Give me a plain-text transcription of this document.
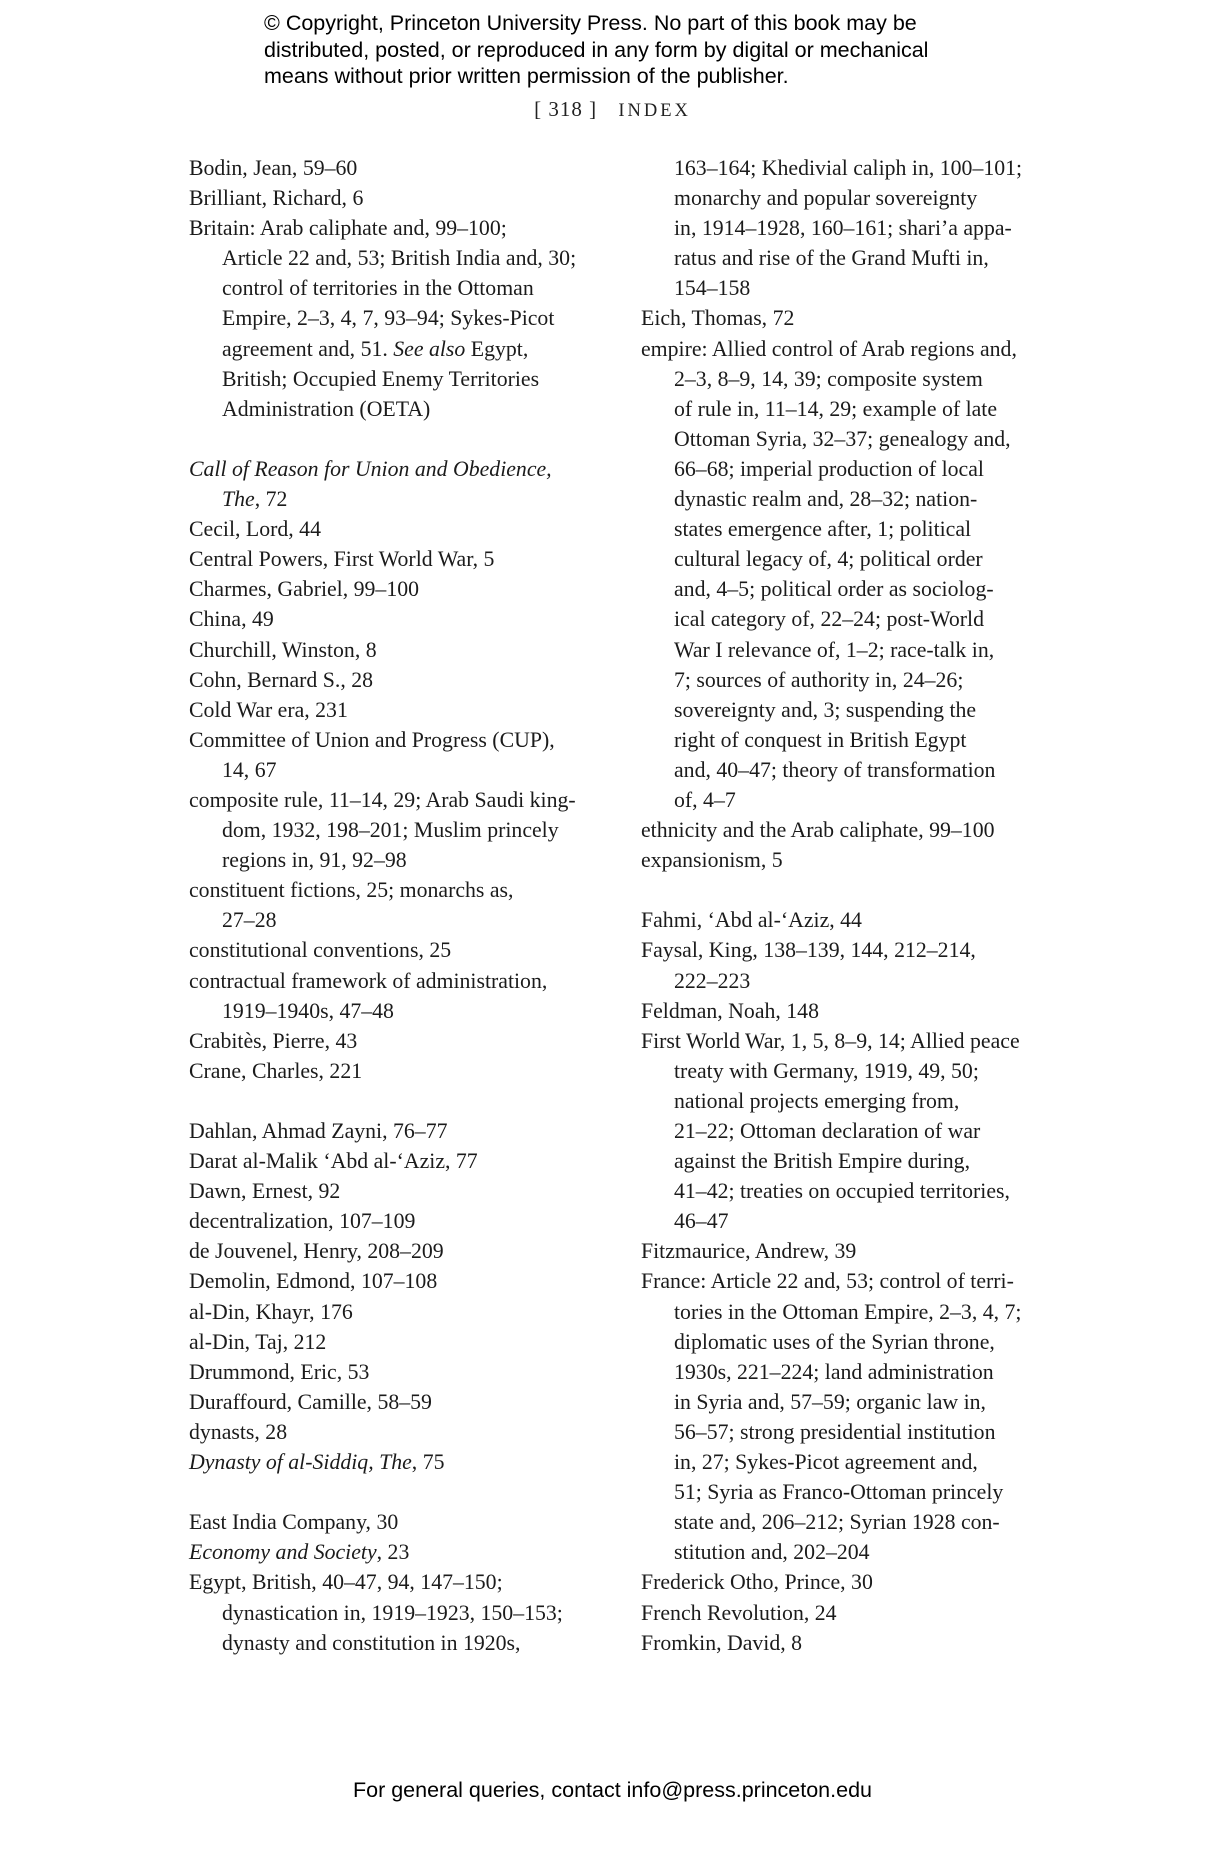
© Copyright, Princeton University Press. No part of this book may be
distributed, posted, or reproduced in any form by digital or mechanical
means without prior written permission of the publisher.
[ 318 ] INDEX
Bodin, Jean, 59–60
Brilliant, Richard, 6
Britain: Arab caliphate and, 99–100;
Article 22 and, 53; British India and, 30;
control of territories in the Ottoman
Empire, 2–3, 4, 7, 93–94; Sykes-Picot
agreement and, 51. See also Egypt,
British; Occupied Enemy Territories
Administration (OETA)
Call of Reason for Union and Obedience,
The, 72
Cecil, Lord, 44
Central Powers, First World War, 5
Charmes, Gabriel, 99–100
China, 49
Churchill, Winston, 8
Cohn, Bernard S., 28
Cold War era, 231
Committee of Union and Progress (CUP),
14, 67
composite rule, 11–14, 29; Arab Saudi king-
dom, 1932, 198–201; Muslim princely
regions in, 91, 92–98
constituent fictions, 25; monarchs as,
27–28
constitutional conventions, 25
contractual framework of administration,
1919–1940s, 47–48
Crabitès, Pierre, 43
Crane, Charles, 221
Dahlan, Ahmad Zayni, 76–77
Darat al-Malik ‘Abd al-‘Aziz, 77
Dawn, Ernest, 92
decentralization, 107–109
de Jouvenel, Henry, 208–209
Demolin, Edmond, 107–108
al-Din, Khayr, 176
al-Din, Taj, 212
Drummond, Eric, 53
Duraffourd, Camille, 58–59
dynasts, 28
Dynasty of al-Siddiq, The, 75
East India Company, 30
Economy and Society, 23
Egypt, British, 40–47, 94, 147–150;
dynastication in, 1919–1923, 150–153;
dynasty and constitution in 1920s,
163–164; Khedivial caliph in, 100–101;
monarchy and popular sovereignty
in, 1914–1928, 160–161; shari’a appa-
ratus and rise of the Grand Mufti in,
154–158
Eich, Thomas, 72
empire: Allied control of Arab regions and,
2–3, 8–9, 14, 39; composite system
of rule in, 11–14, 29; example of late
Ottoman Syria, 32–37; genealogy and,
66–68; imperial production of local
dynastic realm and, 28–32; nation-
states emergence after, 1; political
cultural legacy of, 4; political order
and, 4–5; political order as sociolog-
ical category of, 22–24; post-World
War I relevance of, 1–2; race-talk in,
7; sources of authority in, 24–26;
sovereignty and, 3; suspending the
right of conquest in British Egypt
and, 40–47; theory of transformation
of, 4–7
ethnicity and the Arab caliphate, 99–100
expansionism, 5
Fahmi, ‘Abd al-‘Aziz, 44
Faysal, King, 138–139, 144, 212–214,
222–223
Feldman, Noah, 148
First World War, 1, 5, 8–9, 14; Allied peace
treaty with Germany, 1919, 49, 50;
national projects emerging from,
21–22; Ottoman declaration of war
against the British Empire during,
41–42; treaties on occupied territories,
46–47
Fitzmaurice, Andrew, 39
France: Article 22 and, 53; control of terri-
tories in the Ottoman Empire, 2–3, 4, 7;
diplomatic uses of the Syrian throne,
1930s, 221–224; land administration
in Syria and, 57–59; organic law in,
56–57; strong presidential institution
in, 27; Sykes-Picot agreement and,
51; Syria as Franco-Ottoman princely
state and, 206–212; Syrian 1928 con-
stitution and, 202–204
Frederick Otho, Prince, 30
French Revolution, 24
Fromkin, David, 8
For general queries, contact info@press.princeton.edu
